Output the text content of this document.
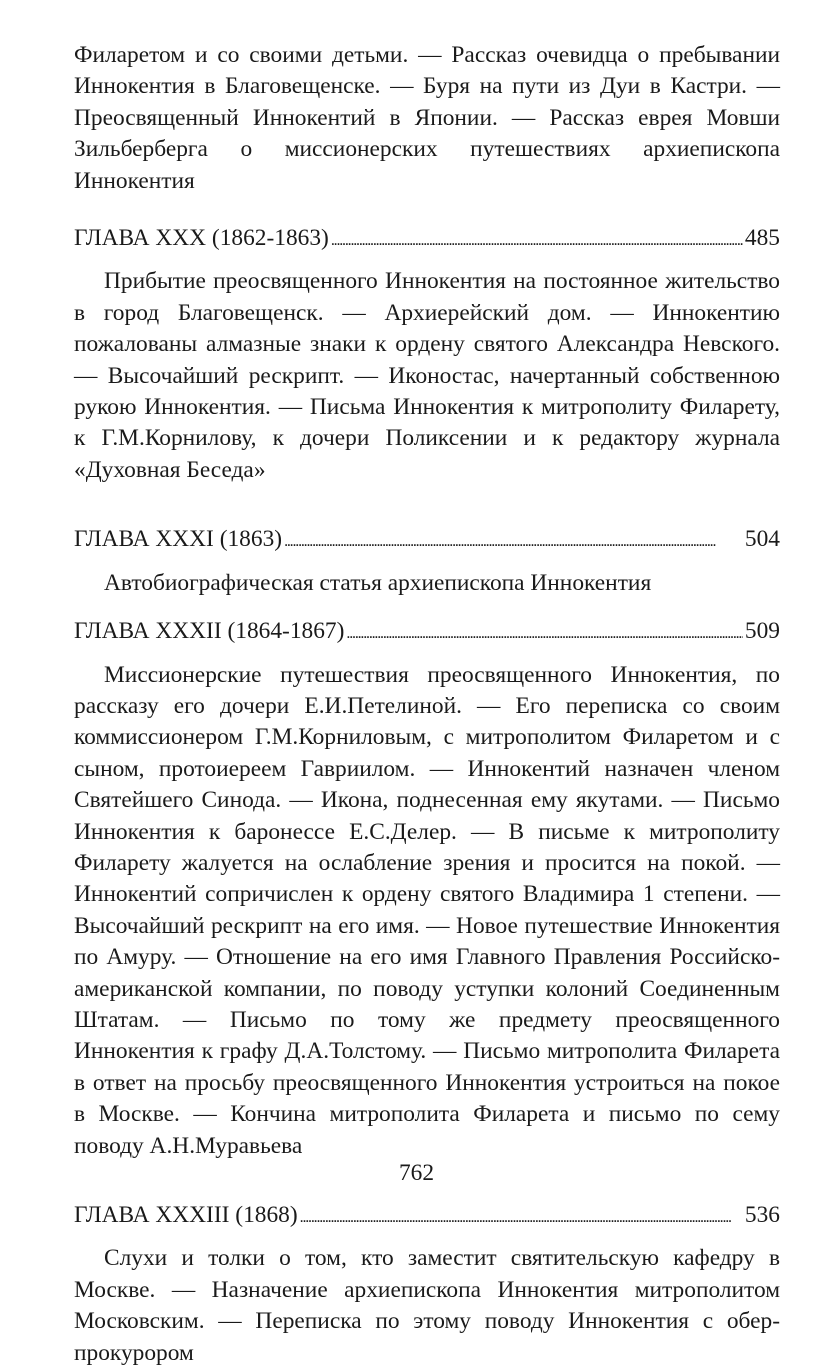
Филаретом и со своими детьми. — Рассказ очевидца о пребывании Иннокентия в Благовещенске. — Буря на пути из Дуи в Кастри. — Преосвященный Иннокентий в Японии. — Рассказ еврея Мовши Зильберберга о миссионерских путешествиях архиепископа Иннокентия

ГЛАВА XXX (1862-1863) . . .	485

Прибытие преосвященного Иннокентия на постоянное жительство в город Благовещенск. — Архиерейский дом. — Иннокентию пожалованы алмазные знаки к ордену святого Александра Невского. — Высочайший рескрипт. — Иконостас, начертанный собственною рукою Иннокентия. — Письма Иннокентия к митрополиту Филарету, к Г.М.Корнилову, к дочери Поликсении и к редактору журнала «Духовная Беседа»

ГЛАВА XXXI (1863) . . .	504

Автобиографическая статья архиепископа Иннокентия

ГЛАВА XXXII (1864-1867) . . .	509

Миссионерские путешествия преосвященного Иннокентия, по рассказу его дочери Е.И.Петелиной. — Его переписка со своим коммиссионером Г.М.Корниловым, с митрополитом Филаретом и с сыном, протоиереем Гавриилом. — Иннокентий назначен членом Святейшего Синода. — Икона, поднесенная ему якутами. — Письмо Иннокентия к баронессе Е.С.Делер. — В письме к митрополиту Филарету жалуется на ослабление зрения и просится на покой. — Иннокентий сопричислен к ордену святого Владимира 1 степени. — Высочайший рескрипт на его имя. — Новое путешествие Иннокентия по Амуру. — Отношение на его имя Главного Правления Российско-американской компании, по поводу уступки колоний Соединенным Штатам. — Письмо по тому же предмету преосвященного Иннокентия к графу Д.А.Толстому. — Письмо митрополита Филарета в ответ на просьбу преосвященного Иннокентия устроиться на покое в Москве. — Кончина митрополита Филарета и письмо по сему поводу А.Н.Муравьева

ГЛАВА XXXIII (1868) . . .	536

Слухи и толки о том, кто заместит святительскую кафедру в Москве. — Назначение архиепископа Иннокентия митрополитом Московским. — Переписка по этому поводу Иннокентия с обер-прокурором

762
